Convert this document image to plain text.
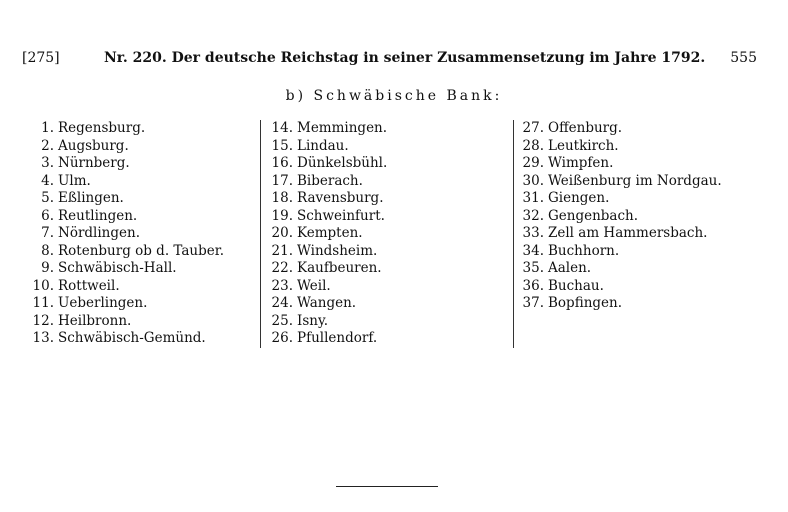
[275]	Nr. 220. Der deutsche Reichstag in seiner Zusammensetzung im Jahre 1792. 555
b) Schwäbische Bank:
1. Regensburg.
2. Augsburg.
3. Nürnberg.
4. Ulm.
5. Eßlingen.
6. Reutlingen.
7. Nördlingen.
8. Rotenburg ob d. Tauber.
9. Schwäbisch-Hall.
10. Rottweil.
11. Ueberlingen.
12. Heilbronn.
13. Schwäbisch-Gemünd.
14. Memmingen.
15. Lindau.
16. Dünkelsbühl.
17. Biberach.
18. Ravensburg.
19. Schweinfurt.
20. Kempten.
21. Windsheim.
22. Kaufbeuren.
23. Weil.
24. Wangen.
25. Isny.
26. Pfullendorf.
27. Offenburg.
28. Leutkirch.
29. Wimpfen.
30. Weißenburg im Nordgau.
31. Giengen.
32. Gengenbach.
33. Zell am Hammersbach.
34. Buchhorn.
35. Aalen.
36. Buchau.
37. Bopfingen.
